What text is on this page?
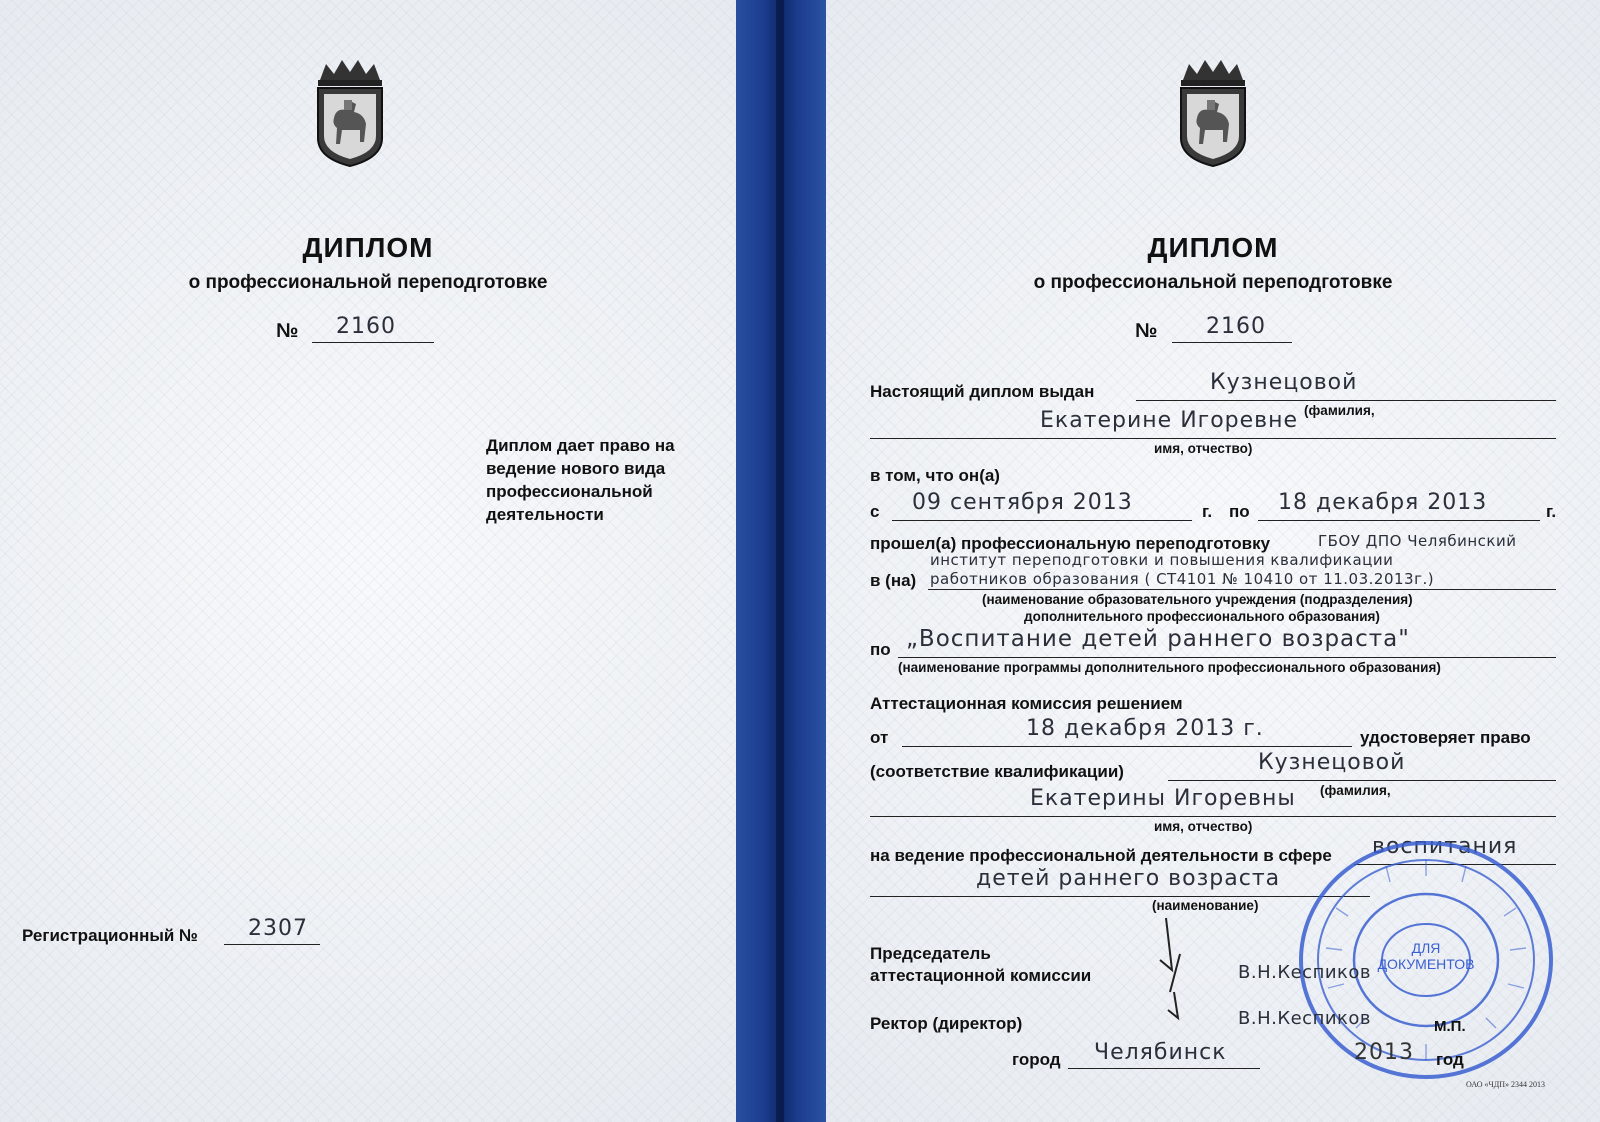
ДИПЛОМ
о профессиональной переподготовке
№ 2160
Диплом дает право на
ведение нового вида
профессиональной
деятельности
Регистрационный № 2307
ДИПЛОМ
о профессиональной переподготовке
№ 2160
Настоящий диплом выдан	Кузнецовой
(фамилия,
Екатерине Игоревне
имя, отчество)
в том, что он(а)
с 09 сентября 2013	г. по 18 декабря 2013	г.
прошел(а) профессиональную переподготовку	ГБОУ ДПО Челябинский
институт переподготовки и повышения квалификации
в (на) работников образования ( СТ4101 № 10410 от 11.03.2013г.)
(наименование образовательного учреждения (подразделения)
дополнительного профессионального образования)
по „Воспитание детей раннего возраста"
(наименование программы дополнительного профессионального образования)
Аттестационная комиссия решением
от	18 декабря 2013 г.	удостоверяет право
(соответствие квалификации)	Кузнецовой
(фамилия,
Екатерины Игоревны
имя, отчество)
на ведение профессиональной деятельности в сфере воспитания
детей раннего возраста
(наименование)
ДЛЯ ДОКУМЕНТОВ
Председатель
аттестационной комиссии	В.Н.Кеспиков
Ректор (директор)	В.Н.Кеспиков	М.П.
город Челябинск	2013 год
ОАО «ЧДП» 2344 2013
